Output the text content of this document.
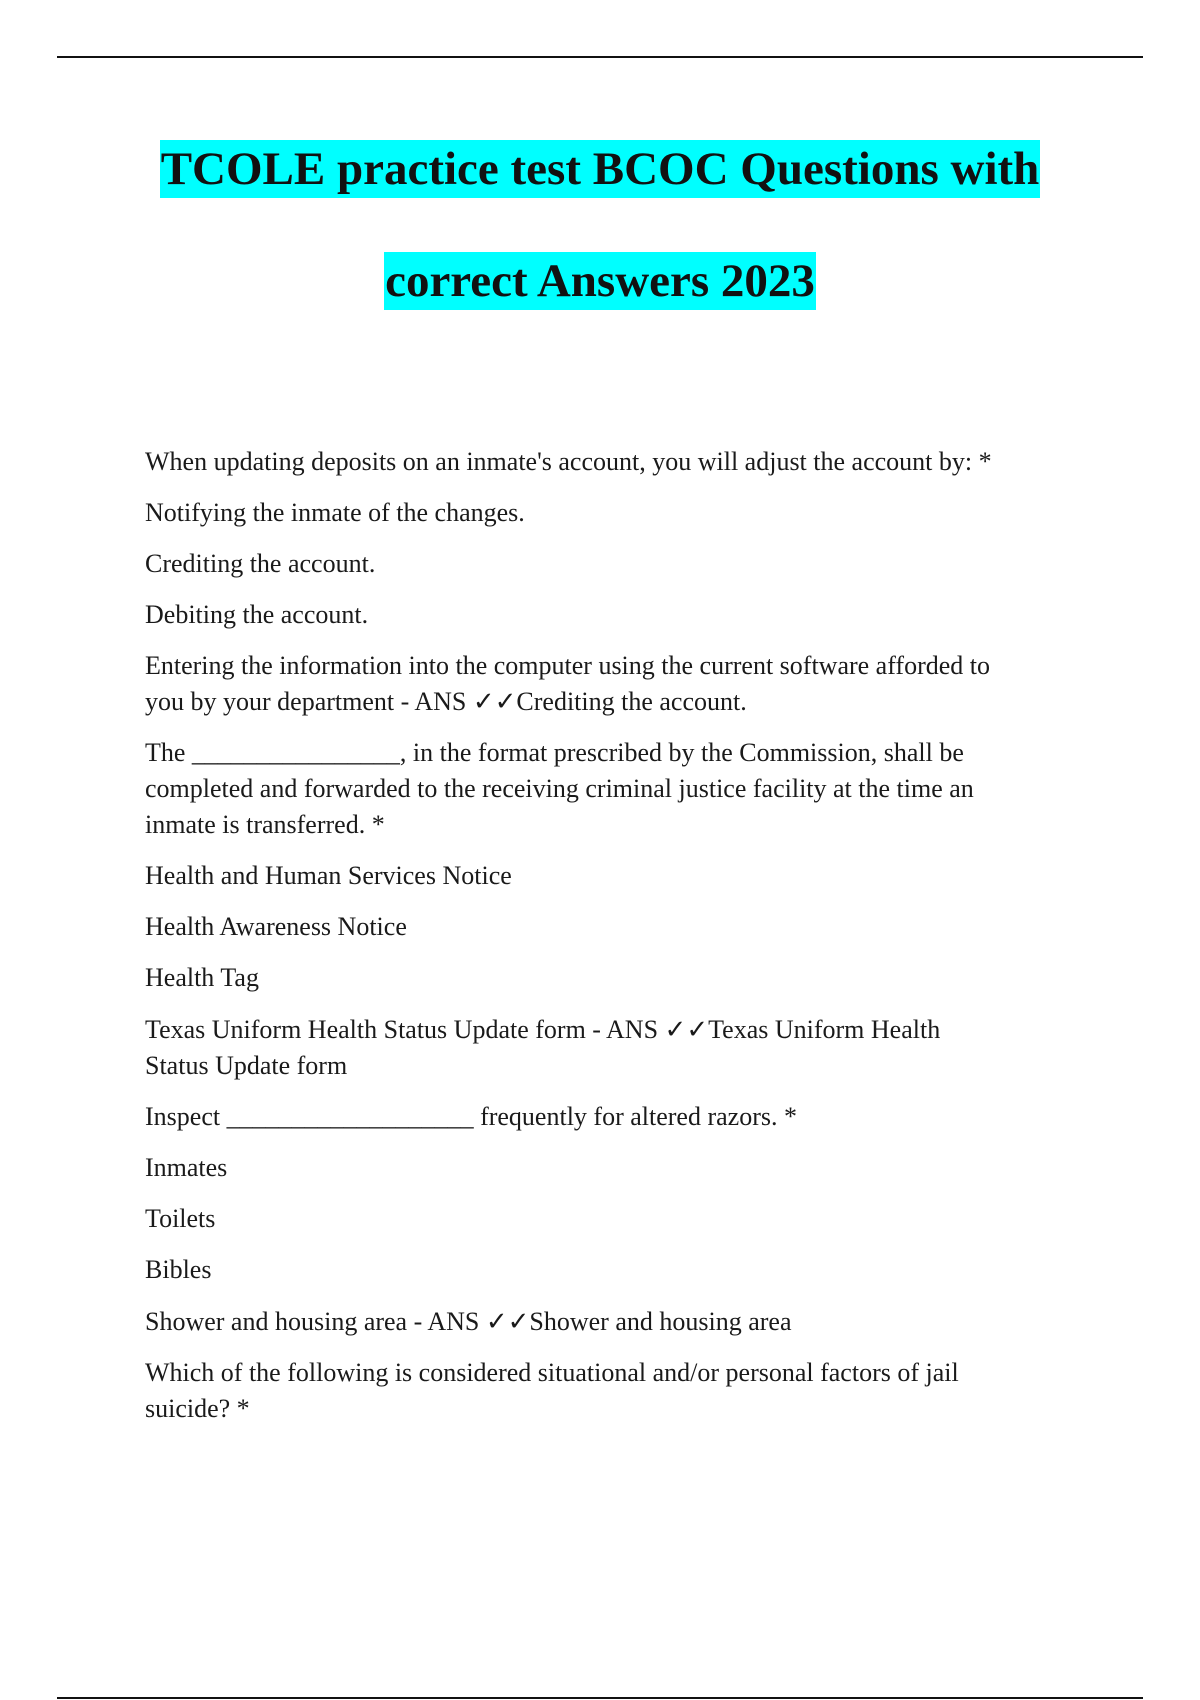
TCOLE practice test BCOC Questions with
correct Answers 2023

When updating deposits on an inmate's account, you will adjust the account by: *

Notifying the inmate of the changes.

Crediting the account.

Debiting the account.

Entering the information into the computer using the current software afforded to

you by your department - ANS ✓✓Crediting the account.

The ________________, in the format prescribed by the Commission, shall be

completed and forwarded to the receiving criminal justice facility at the time an

inmate is transferred. *

Health and Human Services Notice

Health Awareness Notice

Health Tag

Texas Uniform Health Status Update form - ANS ✓✓Texas Uniform Health

Status Update form

Inspect ___________________ frequently for altered razors. *

Inmates

Toilets

Bibles

Shower and housing area - ANS ✓✓Shower and housing area

Which of the following is considered situational and/or personal factors of jail

suicide? *
